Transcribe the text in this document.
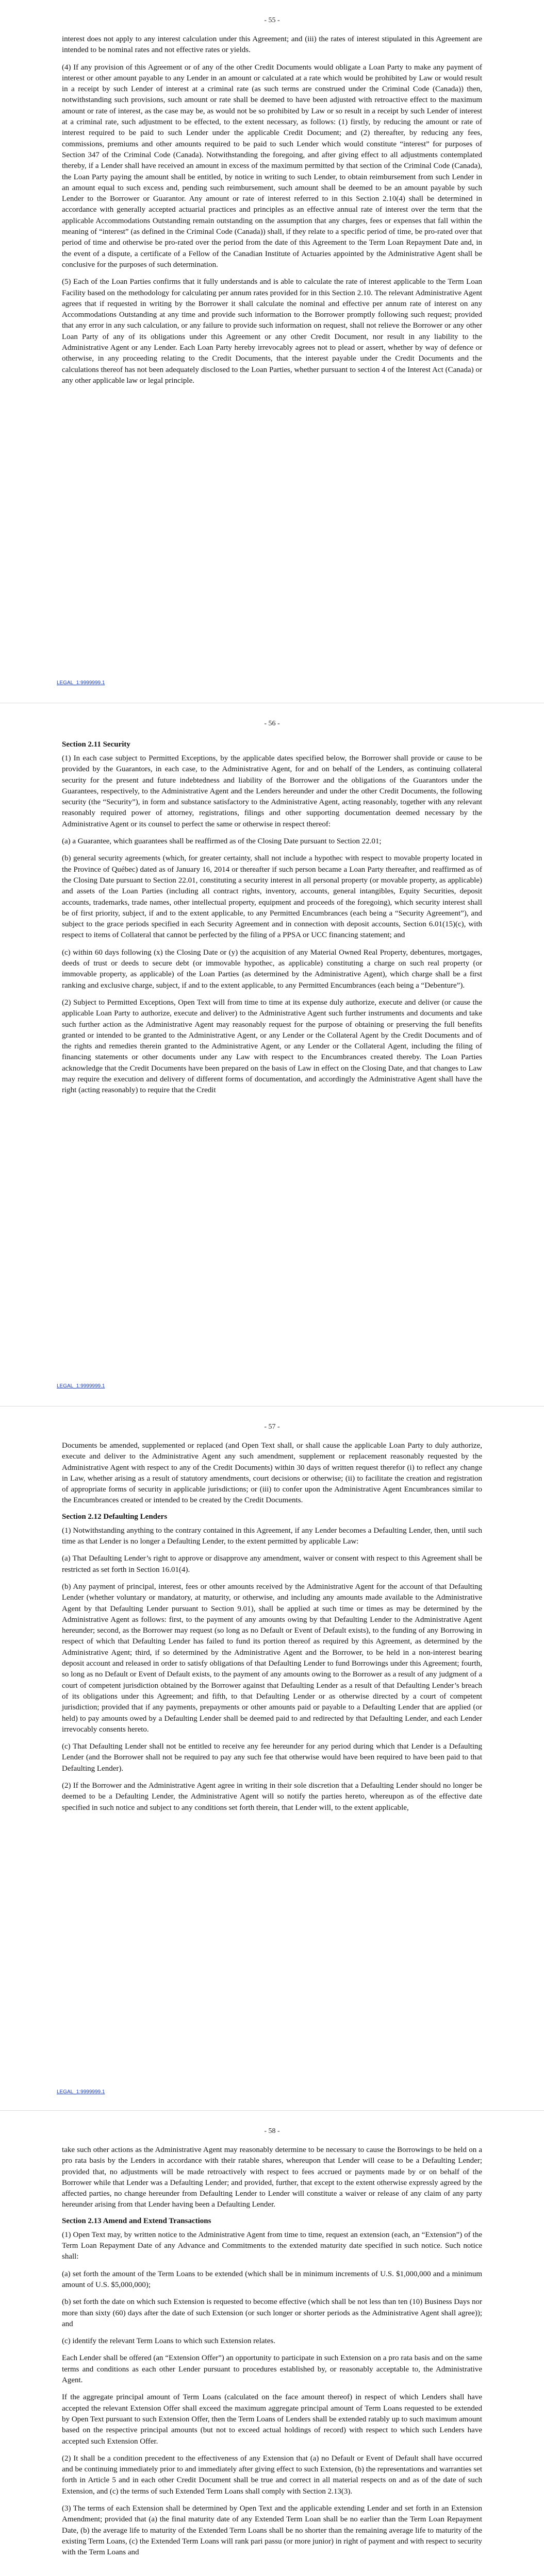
- 55 -

interest does not apply to any interest calculation under this Agreement; and (iii) the rates of interest stipulated in this Agreement are intended to be nominal rates and not effective rates or yields.

(4) If any provision of this Agreement or of any of the other Credit Documents would obligate a Loan Party to make any payment of interest or other amount payable to any Lender in an amount or calculated at a rate which would be prohibited by Law or would result in a receipt by such Lender of interest at a criminal rate (as such terms are construed under the Criminal Code (Canada)) then, notwithstanding such provisions, such amount or rate shall be deemed to have been adjusted with retroactive effect to the maximum amount or rate of interest, as the case may be, as would not be so prohibited by Law or so result in a receipt by such Lender of interest at a criminal rate, such adjustment to be effected, to the extent necessary, as follows: (1) firstly, by reducing the amount or rate of interest required to be paid to such Lender under the applicable Credit Document; and (2) thereafter, by reducing any fees, commissions, premiums and other amounts required to be paid to such Lender which would constitute “interest” for purposes of Section 347 of the Criminal Code (Canada). Notwithstanding the foregoing, and after giving effect to all adjustments contemplated thereby, if a Lender shall have received an amount in excess of the maximum permitted by that section of the Criminal Code (Canada), the Loan Party paying the amount shall be entitled, by notice in writing to such Lender, to obtain reimbursement from such Lender in an amount equal to such excess and, pending such reimbursement, such amount shall be deemed to be an amount payable by such Lender to the Borrower or Guarantor. Any amount or rate of interest referred to in this Section 2.10(4) shall be determined in accordance with generally accepted actuarial practices and principles as an effective annual rate of interest over the term that the applicable Accommodations Outstanding remain outstanding on the assumption that any charges, fees or expenses that fall within the meaning of “interest” (as defined in the Criminal Code (Canada)) shall, if they relate to a specific period of time, be pro-rated over that period of time and otherwise be pro-rated over the period from the date of this Agreement to the Term Loan Repayment Date and, in the event of a dispute, a certificate of a Fellow of the Canadian Institute of Actuaries appointed by the Administrative Agent shall be conclusive for the purposes of such determination.

(5) Each of the Loan Parties confirms that it fully understands and is able to calculate the rate of interest applicable to the Term Loan Facility based on the methodology for calculating per annum rates provided for in this Section 2.10. The relevant Administrative Agent agrees that if requested in writing by the Borrower it shall calculate the nominal and effective per annum rate of interest on any Accommodations Outstanding at any time and provide such information to the Borrower promptly following such request; provided that any error in any such calculation, or any failure to provide such information on request, shall not relieve the Borrower or any other Loan Party of any of its obligations under this Agreement or any other Credit Document, nor result in any liability to the Administrative Agent or any Lender. Each Loan Party hereby irrevocably agrees not to plead or assert, whether by way of defence or otherwise, in any proceeding relating to the Credit Documents, that the interest payable under the Credit Documents and the calculations thereof has not been adequately disclosed to the Loan Parties, whether pursuant to section 4 of the Interest Act (Canada) or any other applicable law or legal principle.

LEGAL_1:9999999.1
- 56 -
Section 2.11 Security

(1) In each case subject to Permitted Exceptions, by the applicable dates specified below, the Borrower shall provide or cause to be provided by the Guarantors, in each case, to the Administrative Agent, for and on behalf of the Lenders, as continuing collateral security for the present and future indebtedness and liability of the Borrower and the obligations of the Guarantors under the Guarantees, respectively, to the Administrative Agent and the Lenders hereunder and under the other Credit Documents, the following security (the “Security”), in form and substance satisfactory to the Administrative Agent, acting reasonably, together with any relevant reasonably required power of attorney, registrations, filings and other supporting documentation deemed necessary by the Administrative Agent or its counsel to perfect the same or otherwise in respect thereof:

(a) a Guarantee, which guarantees shall be reaffirmed as of the Closing Date pursuant to Section 22.01;

(b) general security agreements (which, for greater certainty, shall not include a hypothec with respect to movable property located in the Province of Québec) dated as of January 16, 2014 or thereafter if such person became a Loan Party thereafter, and reaffirmed as of the Closing Date pursuant to Section 22.01, constituting a security interest in all personal property (or movable property, as applicable) and assets of the Loan Parties (including all contract rights, inventory, accounts, general intangibles, Equity Securities, deposit accounts, trademarks, trade names, other intellectual property, equipment and proceeds of the foregoing), which security interest shall be of first priority, subject, if and to the extent applicable, to any Permitted Encumbrances (each being a “Security Agreement”), and subject to the grace periods specified in each Security Agreement and in connection with deposit accounts, Section 6.01(15)(c), with respect to items of Collateral that cannot be perfected by the filing of a PPSA or UCC financing statement; and

(c) within 60 days following (x) the Closing Date or (y) the acquisition of any Material Owned Real Property, debentures, mortgages, deeds of trust or deeds to secure debt (or immovable hypothec, as applicable) constituting a charge on such real property (or immovable property, as applicable) of the Loan Parties (as determined by the Administrative Agent), which charge shall be a first ranking and exclusive charge, subject, if and to the extent applicable, to any Permitted Encumbrances (each being a “Debenture”).

(2) Subject to Permitted Exceptions, Open Text will from time to time at its expense duly authorize, execute and deliver (or cause the applicable Loan Party to authorize, execute and deliver) to the Administrative Agent such further instruments and documents and take such further action as the Administrative Agent may reasonably request for the purpose of obtaining or preserving the full benefits granted or intended to be granted to the Administrative Agent, or any Lender or the Collateral Agent by the Credit Documents and of the rights and remedies therein granted to the Administrative Agent, or any Lender or the Collateral Agent, including the filing of financing statements or other documents under any Law with respect to the Encumbrances created thereby. The Loan Parties acknowledge that the Credit Documents have been prepared on the basis of Law in effect on the Closing Date, and that changes to Law may require the execution and delivery of different forms of documentation, and accordingly the Administrative Agent shall have the right (acting reasonably) to require that the Credit

LEGAL_1:9999999.1
- 57 -

Documents be amended, supplemented or replaced (and Open Text shall, or shall cause the applicable Loan Party to duly authorize, execute and deliver to the Administrative Agent any such amendment, supplement or replacement reasonably requested by the Administrative Agent with respect to any of the Credit Documents) within 30 days of written request therefor (i) to reflect any change in Law, whether arising as a result of statutory amendments, court decisions or otherwise; (ii) to facilitate the creation and registration of appropriate forms of security in applicable jurisdictions; or (iii) to confer upon the Administrative Agent Encumbrances similar to the Encumbrances created or intended to be created by the Credit Documents.

Section 2.12 Defaulting Lenders

(1) Notwithstanding anything to the contrary contained in this Agreement, if any Lender becomes a Defaulting Lender, then, until such time as that Lender is no longer a Defaulting Lender, to the extent permitted by applicable Law:

(a) That Defaulting Lender’s right to approve or disapprove any amendment, waiver or consent with respect to this Agreement shall be restricted as set forth in Section 16.01(4).

(b) Any payment of principal, interest, fees or other amounts received by the Administrative Agent for the account of that Defaulting Lender (whether voluntary or mandatory, at maturity, or otherwise, and including any amounts made available to the Administrative Agent by that Defaulting Lender pursuant to Section 9.01), shall be applied at such time or times as may be determined by the Administrative Agent as follows: first, to the payment of any amounts owing by that Defaulting Lender to the Administrative Agent hereunder; second, as the Borrower may request (so long as no Default or Event of Default exists), to the funding of any Borrowing in respect of which that Defaulting Lender has failed to fund its portion thereof as required by this Agreement, as determined by the Administrative Agent; third, if so determined by the Administrative Agent and the Borrower, to be held in a non-interest bearing deposit account and released in order to satisfy obligations of that Defaulting Lender to fund Borrowings under this Agreement; fourth, so long as no Default or Event of Default exists, to the payment of any amounts owing to the Borrower as a result of any judgment of a court of competent jurisdiction obtained by the Borrower against that Defaulting Lender as a result of that Defaulting Lender’s breach of its obligations under this Agreement; and fifth, to that Defaulting Lender or as otherwise directed by a court of competent jurisdiction; provided that if any payments, prepayments or other amounts paid or payable to a Defaulting Lender that are applied (or held) to pay amounts owed by a Defaulting Lender shall be deemed paid to and redirected by that Defaulting Lender, and each Lender irrevocably consents hereto.

(c) That Defaulting Lender shall not be entitled to receive any fee hereunder for any period during which that Lender is a Defaulting Lender (and the Borrower shall not be required to pay any such fee that otherwise would have been required to have been paid to that Defaulting Lender).

(2) If the Borrower and the Administrative Agent agree in writing in their sole discretion that a Defaulting Lender should no longer be deemed to be a Defaulting Lender, the Administrative Agent will so notify the parties hereto, whereupon as of the effective date specified in such notice and subject to any conditions set forth therein, that Lender will, to the extent applicable,

LEGAL_1:9999999.1
- 58 -

take such other actions as the Administrative Agent may reasonably determine to be necessary to cause the Borrowings to be held on a pro rata basis by the Lenders in accordance with their ratable shares, whereupon that Lender will cease to be a Defaulting Lender; provided that, no adjustments will be made retroactively with respect to fees accrued or payments made by or on behalf of the Borrower while that Lender was a Defaulting Lender; and provided, further, that except to the extent otherwise expressly agreed by the affected parties, no change hereunder from Defaulting Lender to Lender will constitute a waiver or release of any claim of any party hereunder arising from that Lender having been a Defaulting Lender.

Section 2.13 Amend and Extend Transactions

(1) Open Text may, by written notice to the Administrative Agent from time to time, request an extension (each, an “Extension”) of the Term Loan Repayment Date of any Advance and Commitments to the extended maturity date specified in such notice. Such notice shall:

(a) set forth the amount of the Term Loans to be extended (which shall be in minimum increments of U.S. $1,000,000 and a minimum amount of U.S. $5,000,000);

(b) set forth the date on which such Extension is requested to become effective (which shall be not less than ten (10) Business Days nor more than sixty (60) days after the date of such Extension (or such longer or shorter periods as the Administrative Agent shall agree)); and

(c) identify the relevant Term Loans to which such Extension relates.

Each Lender shall be offered (an “Extension Offer”) an opportunity to participate in such Extension on a pro rata basis and on the same terms and conditions as each other Lender pursuant to procedures established by, or reasonably acceptable to, the Administrative Agent.

If the aggregate principal amount of Term Loans (calculated on the face amount thereof) in respect of which Lenders shall have accepted the relevant Extension Offer shall exceed the maximum aggregate principal amount of Term Loans requested to be extended by Open Text pursuant to such Extension Offer, then the Term Loans of Lenders shall be extended ratably up to such maximum amount based on the respective principal amounts (but not to exceed actual holdings of record) with respect to which such Lenders have accepted such Extension Offer.

(2) It shall be a condition precedent to the effectiveness of any Extension that (a) no Default or Event of Default shall have occurred and be continuing immediately prior to and immediately after giving effect to such Extension, (b) the representations and warranties set forth in Article 5 and in each other Credit Document shall be true and correct in all material respects on and as of the date of such Extension, and (c) the terms of such Extended Term Loans shall comply with Section 2.13(3).

(3) The terms of each Extension shall be determined by Open Text and the applicable extending Lender and set forth in an Extension Amendment; provided that (a) the final maturity date of any Extended Term Loan shall be no earlier than the Term Loan Repayment Date, (b) the average life to maturity of the Extended Term Loans shall be no shorter than the remaining average life to maturity of the existing Term Loans, (c) the Extended Term Loans will rank pari passu (or more junior) in right of payment and with respect to security with the Term Loans and
